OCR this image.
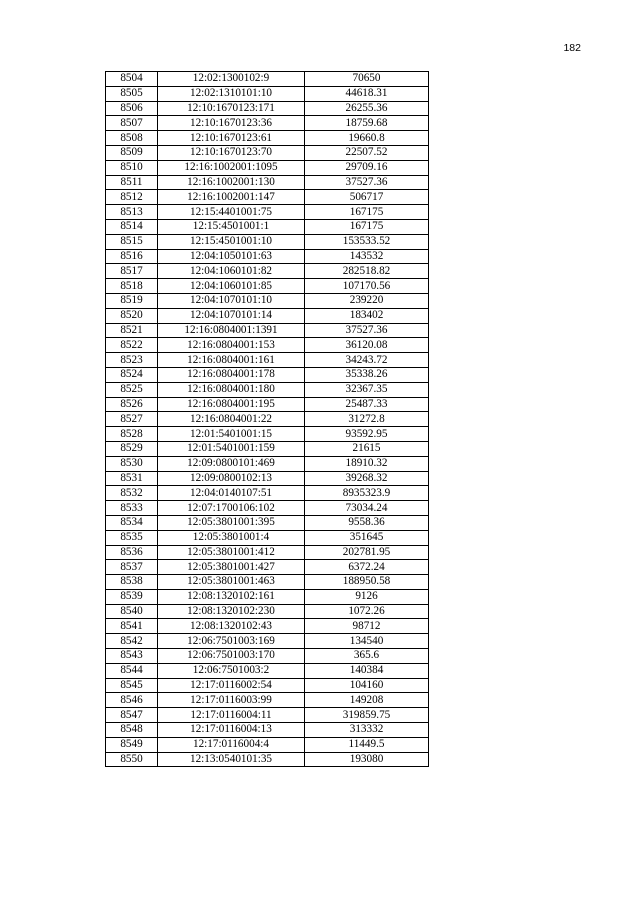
182
8504	12:02:1300102:9	70650
8505	12:02:1310101:10	44618.31
8506	12:10:1670123:171	26255.36
8507	12:10:1670123:36	18759.68
8508	12:10:1670123:61	19660.8
8509	12:10:1670123:70	22507.52
8510	12:16:1002001:1095	29709.16
8511	12:16:1002001:130	37527.36
8512	12:16:1002001:147	506717
8513	12:15:4401001:75	167175
8514	12:15:4501001:1	167175
8515	12:15:4501001:10	153533.52
8516	12:04:1050101:63	143532
8517	12:04:1060101:82	282518.82
8518	12:04:1060101:85	107170.56
8519	12:04:1070101:10	239220
8520	12:04:1070101:14	183402
8521	12:16:0804001:1391	37527.36
8522	12:16:0804001:153	36120.08
8523	12:16:0804001:161	34243.72
8524	12:16:0804001:178	35338.26
8525	12:16:0804001:180	32367.35
8526	12:16:0804001:195	25487.33
8527	12:16:0804001:22	31272.8
8528	12:01:5401001:15	93592.95
8529	12:01:5401001:159	21615
8530	12:09:0800101:469	18910.32
8531	12:09:0800102:13	39268.32
8532	12:04:0140107:51	8935323.9
8533	12:07:1700106:102	73034.24
8534	12:05:3801001:395	9558.36
8535	12:05:3801001:4	351645
8536	12:05:3801001:412	202781.95
8537	12:05:3801001:427	6372.24
8538	12:05:3801001:463	188950.58
8539	12:08:1320102:161	9126
8540	12:08:1320102:230	1072.26
8541	12:08:1320102:43	98712
8542	12:06:7501003:169	134540
8543	12:06:7501003:170	365.6
8544	12:06:7501003:2	140384
8545	12:17:0116002:54	104160
8546	12:17:0116003:99	149208
8547	12:17:0116004:11	319859.75
8548	12:17:0116004:13	313332
8549	12:17:0116004:4	11449.5
8550	12:13:0540101:35	193080
